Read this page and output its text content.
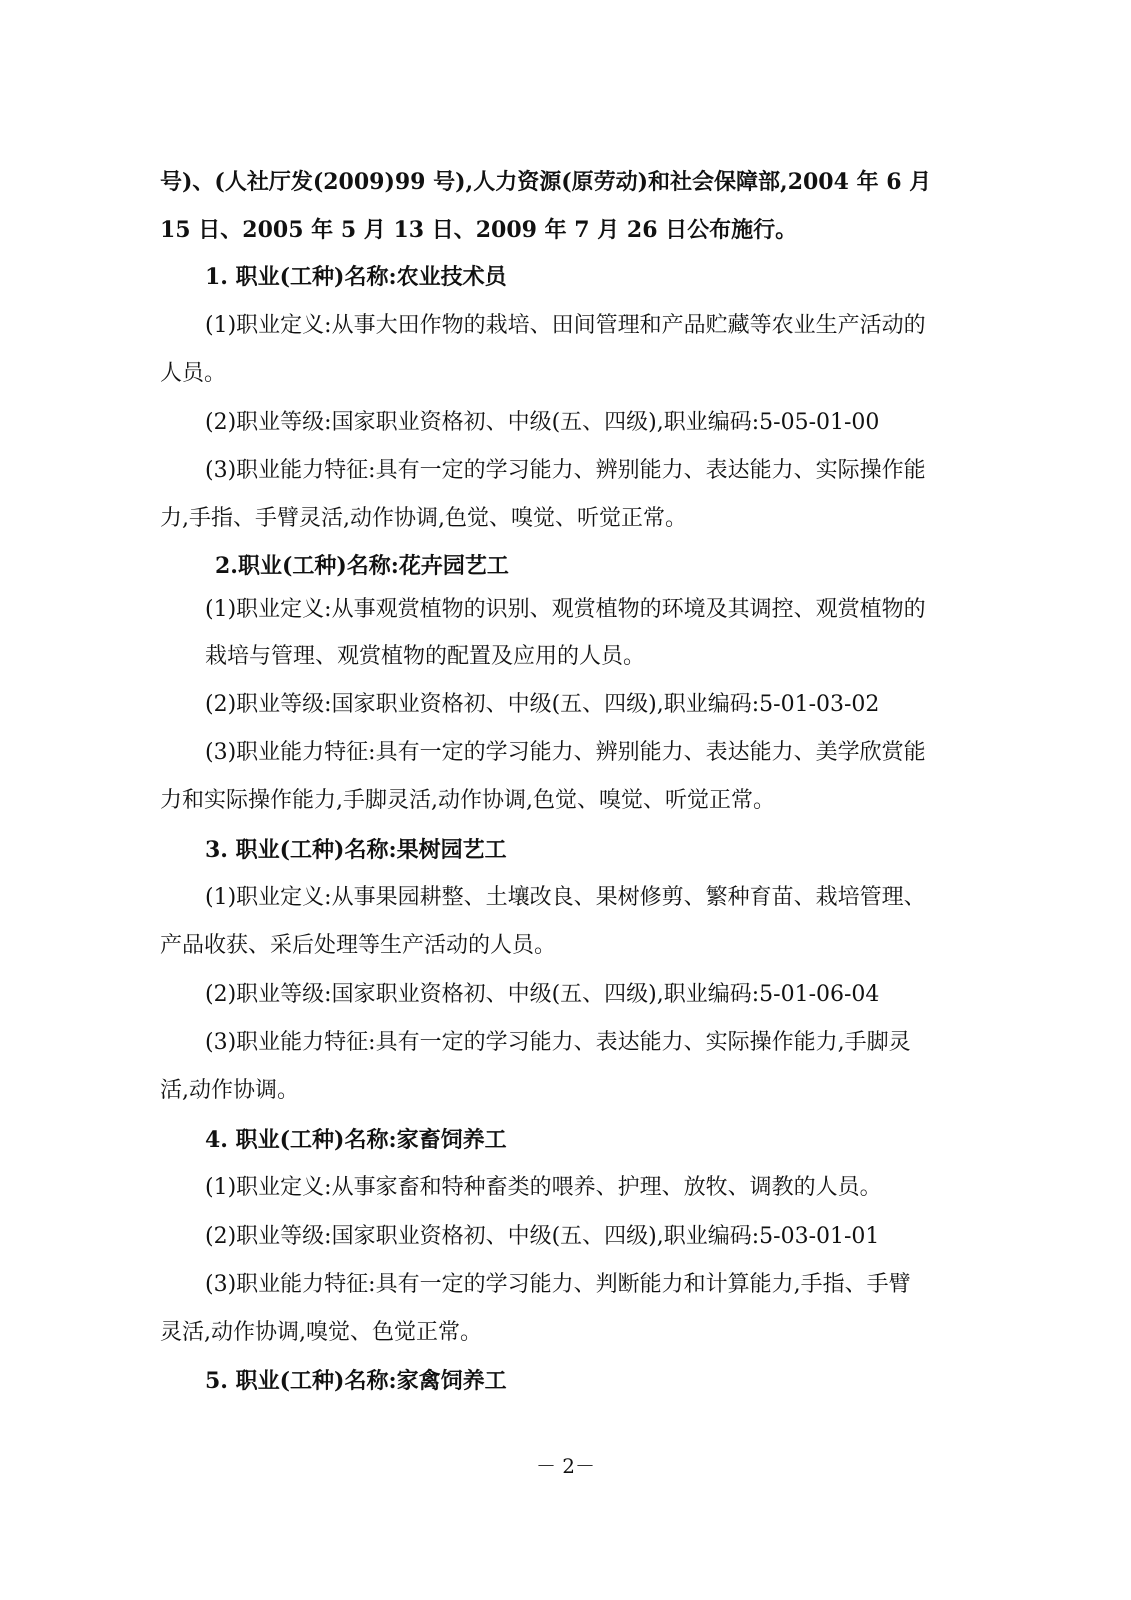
号)、(人社厅发(2009)99 号),人力资源(原劳动)和社会保障部,2004 年 6 月
15 日、2005 年 5 月 13 日、2009 年 7 月 26 日公布施行。
1. 职业(工种)名称:农业技术员
(1)职业定义:从事大田作物的栽培、田间管理和产品贮藏等农业生产活动的
人员。
(2)职业等级:国家职业资格初、中级(五、四级),职业编码:5-05-01-00
(3)职业能力特征:具有一定的学习能力、辨别能力、表达能力、实际操作能
力,手指、手臂灵活,动作协调,色觉、嗅觉、听觉正常。
2.职业(工种)名称:花卉园艺工
(1)职业定义:从事观赏植物的识别、观赏植物的环境及其调控、观赏植物的
栽培与管理、观赏植物的配置及应用的人员。
(2)职业等级:国家职业资格初、中级(五、四级),职业编码:5-01-03-02
(3)职业能力特征:具有一定的学习能力、辨别能力、表达能力、美学欣赏能
力和实际操作能力,手脚灵活,动作协调,色觉、嗅觉、听觉正常。
3. 职业(工种)名称:果树园艺工
(1)职业定义:从事果园耕整、土壤改良、果树修剪、繁种育苗、栽培管理、
产品收获、采后处理等生产活动的人员。
(2)职业等级:国家职业资格初、中级(五、四级),职业编码:5-01-06-04
(3)职业能力特征:具有一定的学习能力、表达能力、实际操作能力,手脚灵
活,动作协调。
4. 职业(工种)名称:家畜饲养工
(1)职业定义:从事家畜和特种畜类的喂养、护理、放牧、调教的人员。
(2)职业等级:国家职业资格初、中级(五、四级),职业编码:5-03-01-01
(3)职业能力特征:具有一定的学习能力、判断能力和计算能力,手指、手臂
灵活,动作协调,嗅觉、色觉正常。
5. 职业(工种)名称:家禽饲养工
－ 2－
